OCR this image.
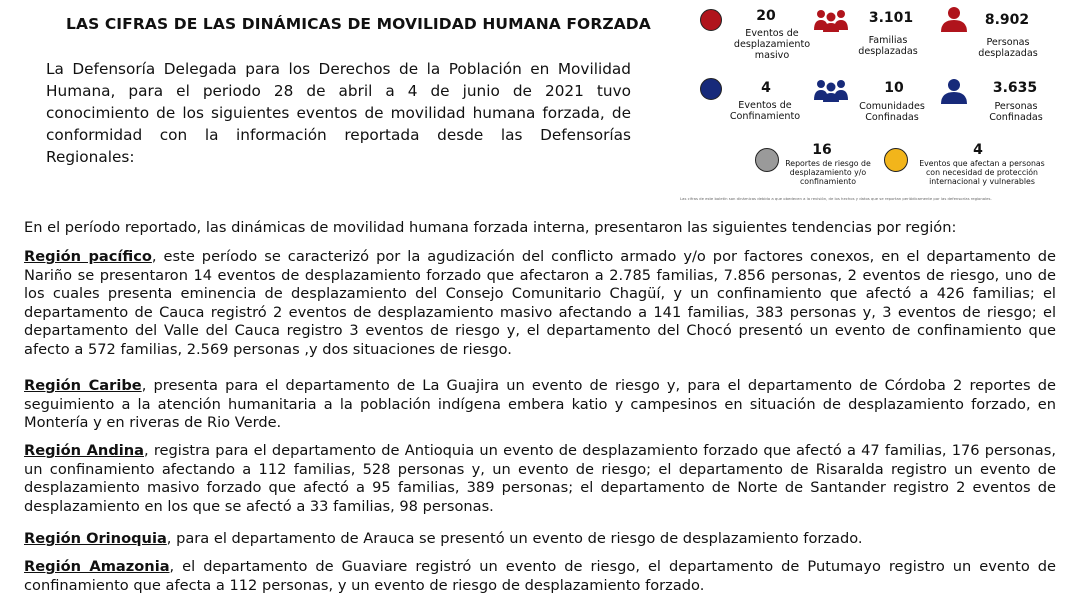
LAS CIFRAS DE LAS DINÁMICAS DE MOVILIDAD HUMANA FORZADA
La Defensoría Delegada para los Derechos de la Población en Movilidad Humana, para el periodo 28 de abril a 4 de junio de 2021 tuvo conocimiento de los siguientes eventos de movilidad humana forzada, de conformidad con la información reportada desde las Defensorías Regionales:
20
Eventos de desplazamiento masivo
3.101
Familias desplazadas
8.902
Personas desplazadas
4
Eventos de Confinamiento
10
Comunidades Confinadas
3.635
Personas Confinadas
16
Reportes de riesgo de desplazamiento y/o confinamiento
4
Eventos que afectan a personas con necesidad de protección internacional y vulnerables
Las cifras de este boletín son dinámicas debido a que obedecen a la revisión, de los hechos y datos que se reportan periódicamente por las defensorías regionales.
En el período reportado, las dinámicas de movilidad humana forzada interna, presentaron las siguientes tendencias por región:
Región pacífico, este período se caracterizó por la agudización del conflicto armado y/o por factores conexos, en el departamento de Nariño se presentaron 14 eventos de desplazamiento forzado que afectaron a 2.785 familias, 7.856 personas, 2 eventos de riesgo, uno de los cuales presenta eminencia de desplazamiento del Consejo Comunitario Chagüí, y un confinamiento que afectó a 426 familias; el departamento de Cauca registró 2 eventos de desplazamiento masivo afectando a 141 familias, 383 personas y, 3 eventos de riesgo; el departamento del Valle del Cauca registro 3 eventos de riesgo y, el departamento del Chocó presentó un evento de confinamiento que afecto a 572 familias, 2.569 personas ,y dos situaciones de riesgo.
Región Caribe, presenta para el departamento de La Guajira un evento de riesgo y, para el departamento de Córdoba 2 reportes de seguimiento a la atención humanitaria a la población indígena embera katio y campesinos en situación de desplazamiento forzado, en Montería y en riveras de Rio Verde.
Región Andina, registra para el departamento de Antioquia un evento de desplazamiento forzado que afectó a 47 familias, 176 personas, un confinamiento afectando a 112 familias, 528 personas y, un evento de riesgo; el departamento de Risaralda registro un evento de desplazamiento masivo forzado que afectó a 95 familias, 389 personas; el departamento de Norte de Santander registro 2 eventos de desplazamiento en los que se afectó a 33 familias, 98 personas.
Región Orinoquia, para el departamento de Arauca se presentó un evento de riesgo de desplazamiento forzado.
Región Amazonia, el departamento de Guaviare registró un evento de riesgo, el departamento de Putumayo registro un evento de confinamiento que afecta a 112 personas, y un evento de riesgo de desplazamiento forzado.
